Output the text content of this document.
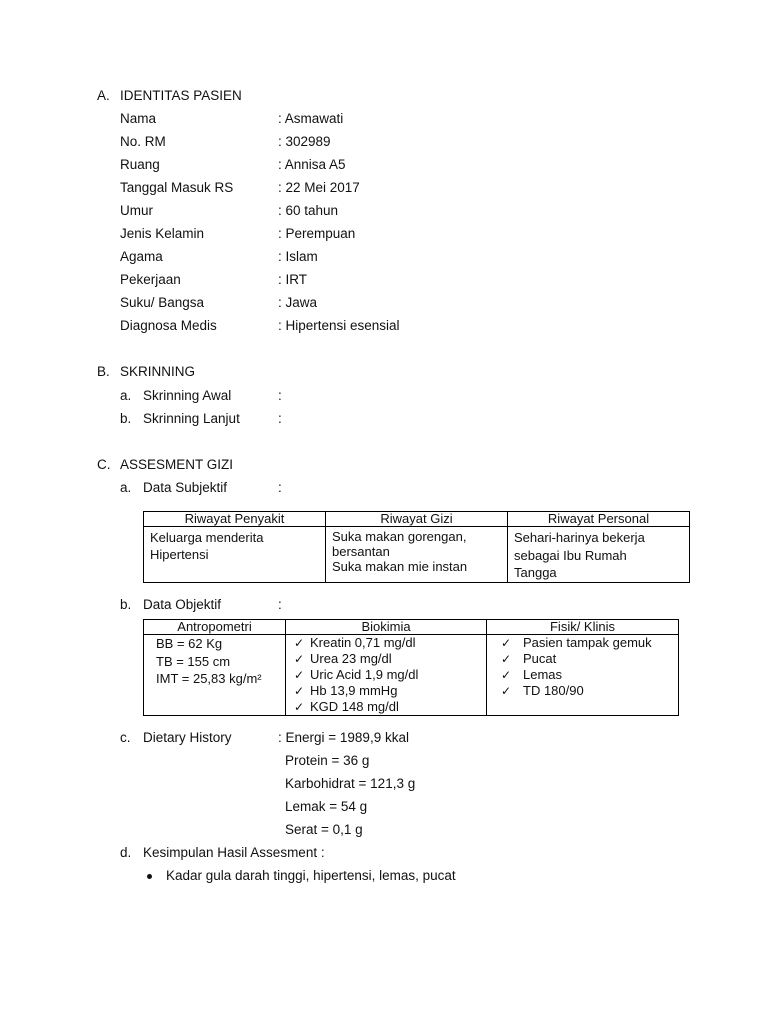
A. IDENTITAS PASIEN
Nama	: Asmawati
No. RM	: 302989
Ruang	: Annisa A5
Tanggal Masuk RS	: 22 Mei 2017
Umur	: 60 tahun
Jenis Kelamin	: Perempuan
Agama	: Islam
Pekerjaan	: IRT
Suku/ Bangsa	: Jawa
Diagnosa Medis	: Hipertensi esensial
B. SKRINNING
a. Skrinning Awal	:
b. Skrinning Lanjut	:
C. ASSESMENT GIZI
a. Data Subjektif	:
Riwayat Penyakit	Riwayat Gizi	Riwayat Personal

Keluarga menderita
Hipertensi	Suka makan gorengan,
bersantan
Suka makan mie instan	Sehari-harinya bekerja
sebagai Ibu Rumah
Tangga
b. Data Objektif	:
Antropometri	Biokimia	Fisik/ Klinis

BB = 62 Kg
TB = 155 cm
IMT = 25,83 kg/m²	✓ Kreatin 0,71 mg/dl
✓ Urea 23 mg/dl
✓ Uric Acid 1,9 mg/dl
✓ Hb 13,9 mmHg
✓ KGD 148 mg/dl	✓ Pasien tampak gemuk
✓ Pucat
✓ Lemas
✓ TD 180/90
c. Dietary History	: Energi = 1989,9 kkal
Protein = 36 g
Karbohidrat = 121,3 g
Lemak = 54 g
Serat = 0,1 g
d. Kesimpulan Hasil Assesment :
Kadar gula darah tinggi, hipertensi, lemas, pucat
